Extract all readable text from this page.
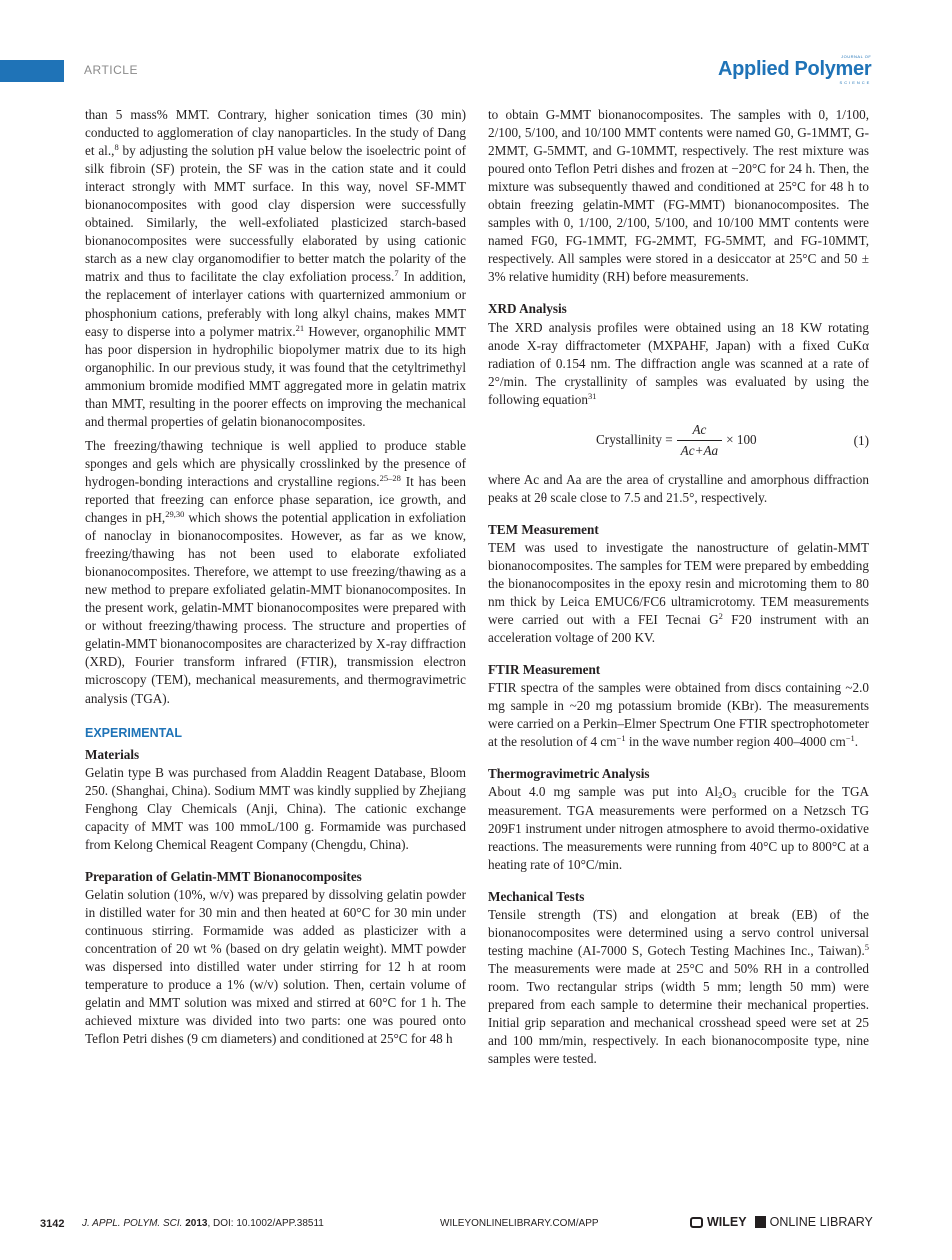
ARTICLE
JOURNAL OF
Applied Polymer
SCIENCE

than 5 mass% MMT. Contrary, higher sonication times (30 min) conducted to agglomeration of clay nanoparticles. In the study of Dang et al.,$^8$ by adjusting the solution pH value below the isoelectric point of silk fibroin (SF) protein, the SF was in the cation state and it could interact strongly with MMT surface. In this way, novel SF-MMT bionanocomposites with good clay dispersion were successfully obtained. Similarly, the well-exfoliated plasticized starch-based bionanocomposites were successfully elaborated by using cationic starch as a new clay organomodifier to better match the polarity of the matrix and thus to facilitate the clay exfoliation process.$^7$ In addition, the replacement of interlayer cations with quarternized ammonium or phosphonium cations, preferably with long alkyl chains, makes MMT easy to disperse into a polymer matrix.$^{21}$ However, organophilic MMT has poor dispersion in hydrophilic biopolymer matrix due to its high organophilic. In our previous study, it was found that the cetyltrimethyl ammonium bromide modified MMT aggregated more in gelatin matrix than MMT, resulting in the poorer effects on improving the mechanical and thermal properties of gelatin bionanocomposites.

The freezing/thawing technique is well applied to produce stable sponges and gels which are physically crosslinked by the presence of hydrogen-bonding interactions and crystalline regions.$^{25-28}$ It has been reported that freezing can enforce phase separation, ice growth, and changes in pH,$^{29,30}$ which shows the potential application in exfoliation of nanoclay in bionanocomposites. However, as far as we know, freezing/thawing has not been used to elaborate exfoliated bionanocomposites. Therefore, we attempt to use freezing/thawing as a new method to prepare exfoliated gelatin-MMT bionanocomposites. In the present work, gelatin-MMT bionanocomposites were prepared with or without freezing/thawing process. The structure and properties of gelatin-MMT bionanocomposites are characterized by X-ray diffraction (XRD), Fourier transform infrared (FTIR), transmission electron microscopy (TEM), mechanical measurements, and thermogravimetric analysis (TGA).

EXPERIMENTAL
Materials

Gelatin type B was purchased from Aladdin Reagent Database, Bloom 250. (Shanghai, China). Sodium MMT was kindly supplied by Zhejiang Fenghong Clay Chemicals (Anji, China). The cationic exchange capacity of MMT was 100 mmoL/100 g. Formamide was purchased from Kelong Chemical Reagent Company (Chengdu, China).

Preparation of Gelatin-MMT Bionanocomposites

Gelatin solution (10%, w/v) was prepared by dissolving gelatin powder in distilled water for 30 min and then heated at 60°C for 30 min under continuous stirring. Formamide was added as plasticizer with a concentration of 20 wt % (based on dry gelatin weight). MMT powder was dispersed into distilled water under stirring for 12 h at room temperature to produce a 1% (w/v) solution. Then, certain volume of gelatin and MMT solution was mixed and stirred at 60°C for 1 h. The achieved mixture was divided into two parts: one was poured onto Teflon Petri dishes (9 cm diameters) and conditioned at 25°C for 48 h

to obtain G-MMT bionanocomposites. The samples with 0, 1/100, 2/100, 5/100, and 10/100 MMT contents were named G0, G-1MMT, G-2MMT, G-5MMT, and G-10MMT, respectively. The rest mixture was poured onto Teflon Petri dishes and frozen at −20°C for 24 h. Then, the mixture was subsequently thawed and conditioned at 25°C for 48 h to obtain freezing gelatin-MMT (FG-MMT) bionanocomposites. The samples with 0, 1/100, 2/100, 5/100, and 10/100 MMT contents were named FG0, FG-1MMT, FG-2MMT, FG-5MMT, and FG-10MMT, respectively. All samples were stored in a desiccator at 25°C and 50 ± 3% relative humidity (RH) before measurements.

XRD Analysis

The XRD analysis profiles were obtained using an 18 KW rotating anode X-ray diffractometer (MXPAHF, Japan) with a fixed CuKα radiation of 0.154 nm. The diffraction angle was scanned at a rate of 2°/min. The crystallinity of samples was evaluated by using the following equation$^{31}$

Crystallinity = $\frac{Ac}{Ac+Aa} \times 100$	(1)

where Ac and Aa are the area of crystalline and amorphous diffraction peaks at 2θ scale close to 7.5 and 21.5°, respectively.

TEM Measurement

TEM was used to investigate the nanostructure of gelatin-MMT bionanocomposites. The samples for TEM were prepared by embedding the bionanocomposites in the epoxy resin and microtoming them to 80 nm thick by Leica EMUC6/FC6 ultramicrotomy. TEM measurements were carried out with a FEI Tecnai $G^2$ F20 instrument with an acceleration voltage of 200 KV.

FTIR Measurement

FTIR spectra of the samples were obtained from discs containing ~2.0 mg sample in ~20 mg potassium bromide (KBr). The measurements were carried on a Perkin–Elmer Spectrum One FTIR spectrophotometer at the resolution of 4 $cm^{-1}$ in the wave number region 400–4000 $cm^{-1}$.

Thermogravimetric Analysis

About 4.0 mg sample was put into $Al_2O_3$ crucible for the TGA measurement. TGA measurements were performed on a Netzsch TG 209F1 instrument under nitrogen atmosphere to avoid thermo-oxidative reactions. The measurements were running from 40°C up to 800°C at a heating rate of 10°C/min.

Mechanical Tests

Tensile strength (TS) and elongation at break (EB) of the bionanocomposites were determined using a servo control universal testing machine (AI-7000 S, Gotech Testing Machines Inc., Taiwan).$^5$ The measurements were made at 25°C and 50% RH in a controlled room. Two rectangular strips (width 5 mm; length 50 mm) were prepared from each sample to determine their mechanical properties. Initial grip separation and mechanical crosshead speed were set at 25 and 100 mm/min, respectively. In each bionanocomposite type, nine samples were tested.

3142 J. APPL. POLYM. SCI. 2013, DOI: 10.1002/APP.38511	WILEYONLINELIBRARY.COM/APP	WILEY ONLINE LIBRARY
